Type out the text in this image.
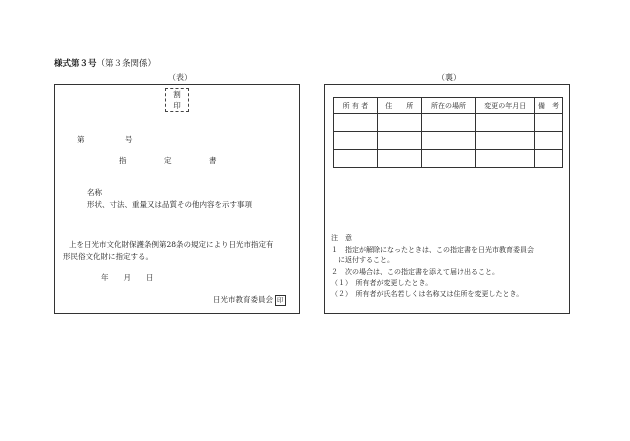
様式第３号（第３条関係）
（表）	（裏）
割
印
第	号
指　　　　　定　　　　　書
名称
形状、寸法、重量又は品質その他内容を示す事項
上を日光市文化財保護条例第28条の規定により日光市指定有
形民俗文化財に指定する。
年　　月　　日
日光市教育委員会 印
所 有 者	住　　所	所在の場所	変更の年月日	備　考

注　意
１　指定が解除になったときは、この指定書を日光市教育委員会
　に返付すること。
２　次の場合は、この指定書を添えて届け出ること。
（１）　所有者が変更したとき。
（２）　所有者が氏名若しくは名称又は住所を変更したとき。
